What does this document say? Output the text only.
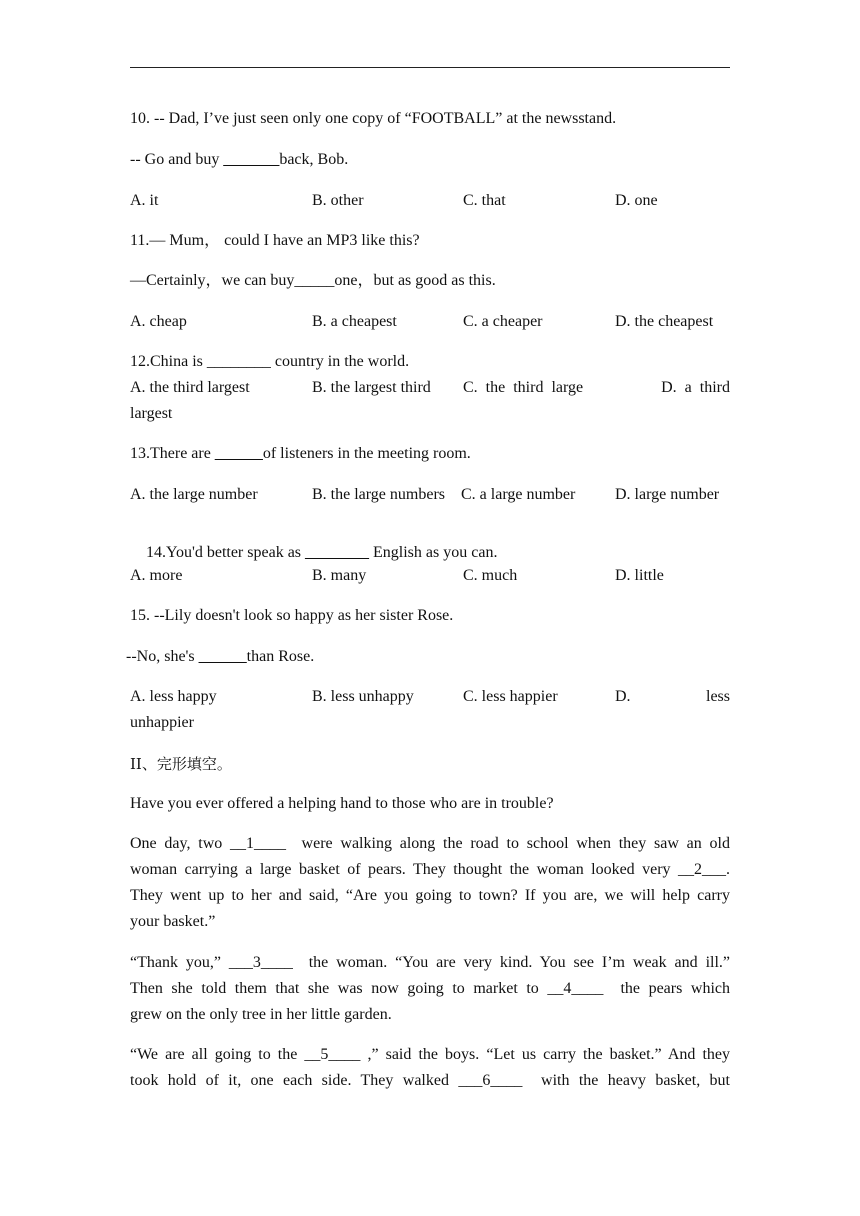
10. -- Dad, I’ve just seen only one copy of “FOOTBALL” at the newsstand.
-- Go and buy _______back, Bob.
A. it	B. other	C. that	D. one
11.— Mum， could I have an MP3 like this?
—Certainly，we can buy_____one，but as good as this.
A. cheap	B. a cheapest	C. a cheaper	D. the cheapest
12.China is ________ country in the world.
A. the third largest	B. the largest third C.  the  third  large	D.  a  third
largest
13.There are ______of listeners in the meeting room.
A. the large number	B. the large numbers C. a large number D. large number

14.You'd better speak as ________ English as you can.

A. more	B. many	C. much	D. little
15. --Lily doesn't look so happy as her sister Rose.
--No, she's ______than Rose.
A. less happy	B. less unhappy	C. less happier	D.	less
unhappier
II、完形填空。
Have you ever offered a helping hand to those who are in trouble?
One day, two __1____  were walking along the road to school when they saw an old
woman carrying a large basket of pears. They thought the woman looked very __2___.
They went up to her and said, “Are you going to town? If you are, we will help carry
your basket.”
“Thank you,” ___3____  the woman. “You are very kind. You see I’m weak and ill.”
Then she told them that she was now going to market to __4____  the pears which
grew on the only tree in her little garden.
“We are all going to the __5____ ,” said the boys. “Let us carry the basket.” And they
took hold of it, one each side. They walked ___6____  with the heavy basket, but
